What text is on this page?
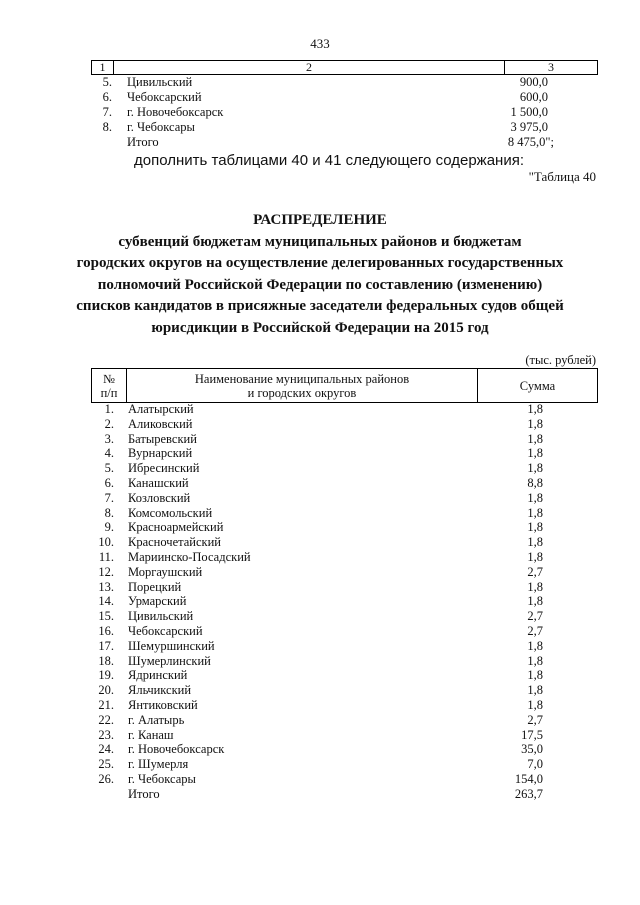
433
1	2	3
5. Цивильский	900,0
6. Чебоксарский	600,0
7. г. Новочебоксарск	1 500,0
8. г. Чебоксары	3 975,0
Итого	8 475,0";
дополнить таблицами 40 и 41 следующего содержания:
"Таблица 40
РАСПРЕДЕЛЕНИЕ
субвенций бюджетам муниципальных районов и бюджетам
городских округов на осуществление делегированных государственных
полномочий Российской Федерации по составлению (изменению)
списков кандидатов в присяжные заседатели федеральных судов общей
юрисдикции в Российской Федерации на 2015 год
(тыс. рублей)
№
п/п
Наименование муниципальных районов
и городских округов	Сумма
1. Алатырский	1,8
2. Аликовский	1,8
3. Батыревский	1,8
4. Вурнарский	1,8
5. Ибресинский	1,8
6. Канашский	8,8
7. Козловский	1,8
8. Комсомольский	1,8
9. Красноармейский	1,8
10. Красночетайский	1,8
11. Мариинско-Посадский	1,8
12. Моргаушский	2,7
13. Порецкий	1,8
14. Урмарский	1,8
15. Цивильский	2,7
16. Чебоксарский	2,7
17. Шемуршинский	1,8
18. Шумерлинский	1,8
19. Ядринский	1,8
20. Яльчикский	1,8
21. Янтиковский	1,8
22. г. Алатырь	2,7
23. г. Канаш	17,5
24. г. Новочебоксарск	35,0
25. г. Шумерля	7,0
26. г. Чебоксары	154,0
Итого	263,7
